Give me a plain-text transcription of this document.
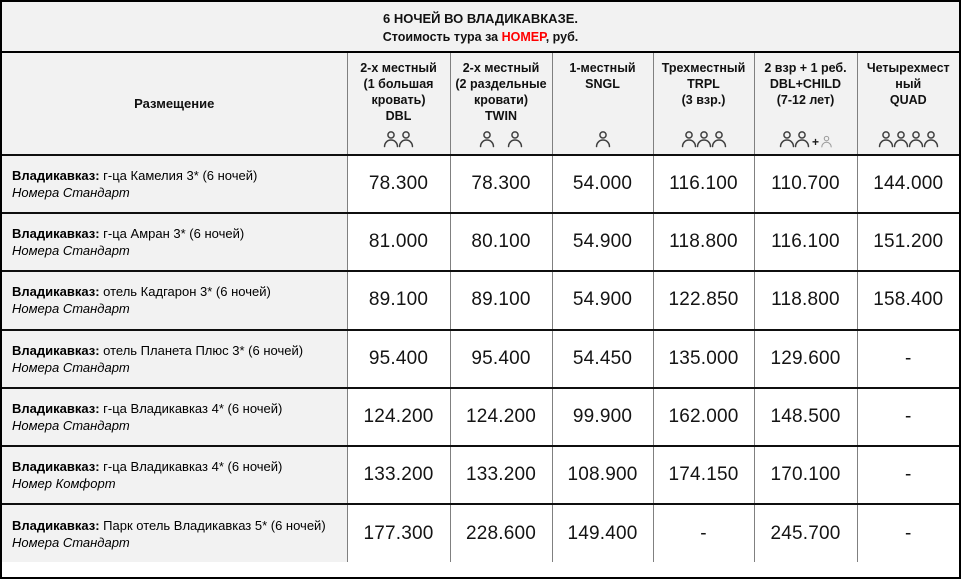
6 НОЧЕЙ ВО ВЛАДИКАВКАЗЕ.
Стоимость тура за НОМЕР, руб.
Размещение	
2-х местный
(1 большая
кровать)
DBL

2-х местный
(2 раздельные
кровати)
TWIN

1-местный
SNGL

Трехместный
TRPL
(3 взр.)

2 взр + 1 реб.
DBL+CHILD
(7-12 лет)
+

Четырехмест
ный
QUAD

Владикавказ: г-ца Камелия 3* (6 ночей)
Номера Стандарт	78.300	78.300	54.000	116.100	110.700	144.000

Владикавказ: г-ца Амран 3* (6 ночей)
Номера Стандарт	81.000	80.100	54.900	118.800	116.100	151.200

Владикавказ: отель Кадгарон 3* (6 ночей)
Номера Стандарт	89.100	89.100	54.900	122.850	118.800	158.400

Владикавказ: отель Планета Плюс 3* (6 ночей)
Номера Стандарт	95.400	95.400	54.450	135.000	129.600	-

Владикавказ: г-ца Владикавказ 4* (6 ночей)
Номера Стандарт	124.200	124.200	99.900	162.000	148.500	-

Владикавказ: г-ца Владикавказ 4* (6 ночей)
Номер Комфорт	133.200	133.200	108.900	174.150	170.100	-

Владикавказ: Парк отель Владикавказ 5* (6 ночей)
Номера Стандарт	177.300	228.600	149.400	-	245.700	-
